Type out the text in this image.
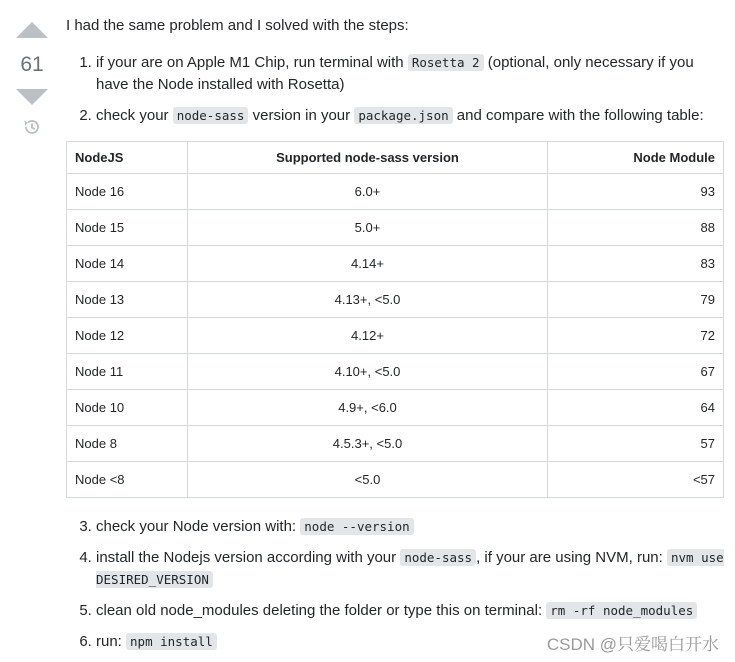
61

I had the same problem and I solved with the steps:

1. if your are on Apple M1 Chip, run terminal with Rosetta 2 (optional, only necessary if you have the Node installed with Rosetta)
2. check your node-sass version in your package.json and compare with the following table:
NodeJS	Supported node-sass version	Node Module
Node 16	6.0+	93
Node 15	5.0+	88
Node 14	4.14+	83
Node 13	4.13+, <5.0	79
Node 12	4.12+	72
Node 11	4.10+, <5.0	67
Node 10	4.9+, <6.0	64
Node 8	4.5.3+, <5.0	57
Node <8	<5.0	<57
3. check your Node version with: node --version
4. install the Nodejs version according with your node-sass , if your are using NVM, run: nvm use DESIRED_VERSION
5. clean old node_modules deleting the folder or type this on terminal: rm -rf node_modules
6. run: npm install	CSDN @只爱喝白开水
